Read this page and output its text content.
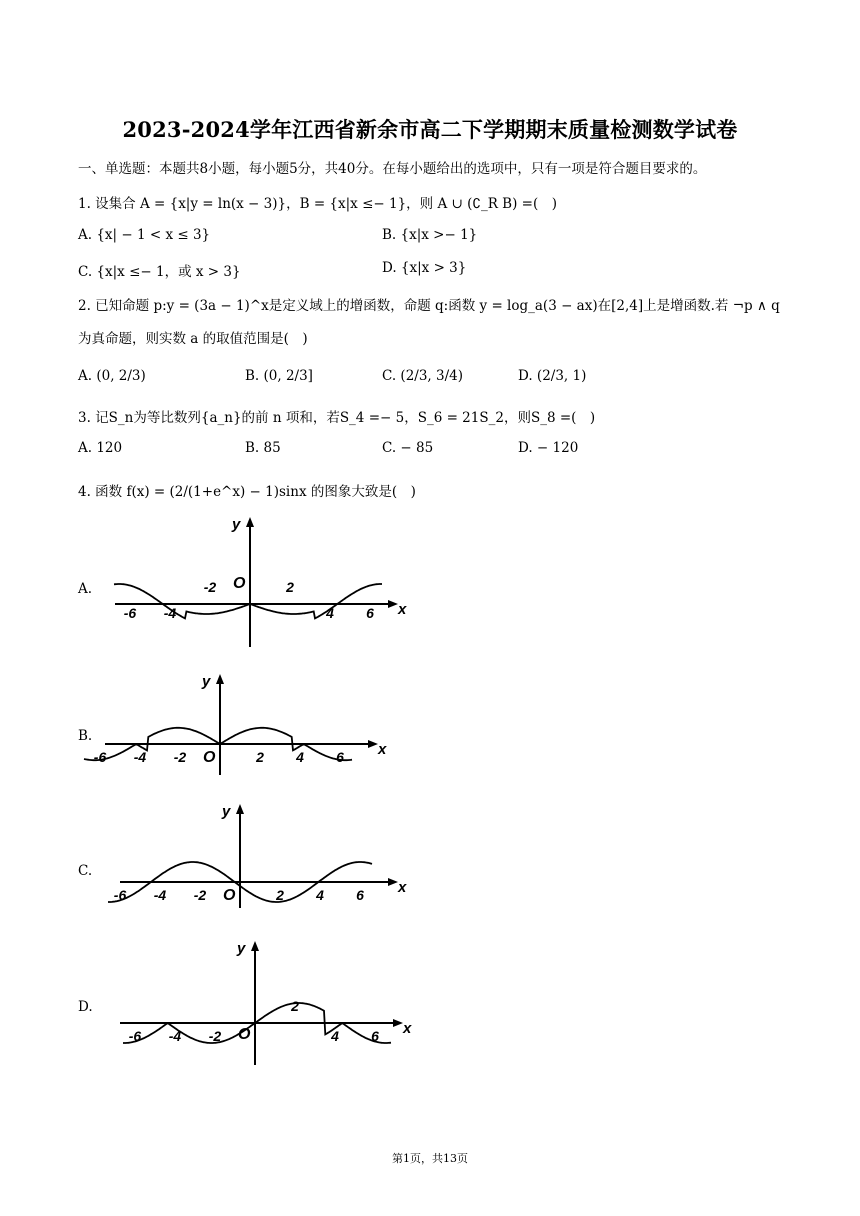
2023-2024学年江西省新余市高二下学期期末质量检测数学试卷
一、单选题：本题共8小题，每小题5分，共40分。在每小题给出的选项中，只有一项是符合题目要求的。
1. 设集合 A = {x|y = ln(x − 3)}，B = {x|x ≤− 1}，则 A ∪ (∁_R B) =(　)
A. {x| − 1 < x ≤ 3}	B. {x|x >− 1}
C. {x|x ≤− 1，或 x > 3}	D. {x|x > 3}
2. 已知命题 p:y = (3a − 1)^x是定义域上的增函数，命题 q:函数 y = log_a(3 − ax)在[2,4]上是增函数.若 ¬p ∧ q
为真命题，则实数 a 的取值范围是(　)
A. (0, 2/3)	B. (0, 2/3]	C. (2/3, 3/4)	D. (2/3, 1)
3. 记S_n为等比数列{a_n}的前 n 项和，若S_4 =− 5，S_6 = 21S_2，则S_8 =(　)
A. 120	B. 85	C. − 85	D. − 120
4. 函数 f(x) = (2/(1+e^x) − 1)sinx 的图象大致是(　)
A.
x
y
O
-6 -4
-2	2
4 6
B.
x
y
O
-6 -4 -2	2 4 6
C.
x
y
O
-6 -4 -2	2 4 6
D.
x
y
O
-6 -4 -2
2
4 6
第1页，共13页
